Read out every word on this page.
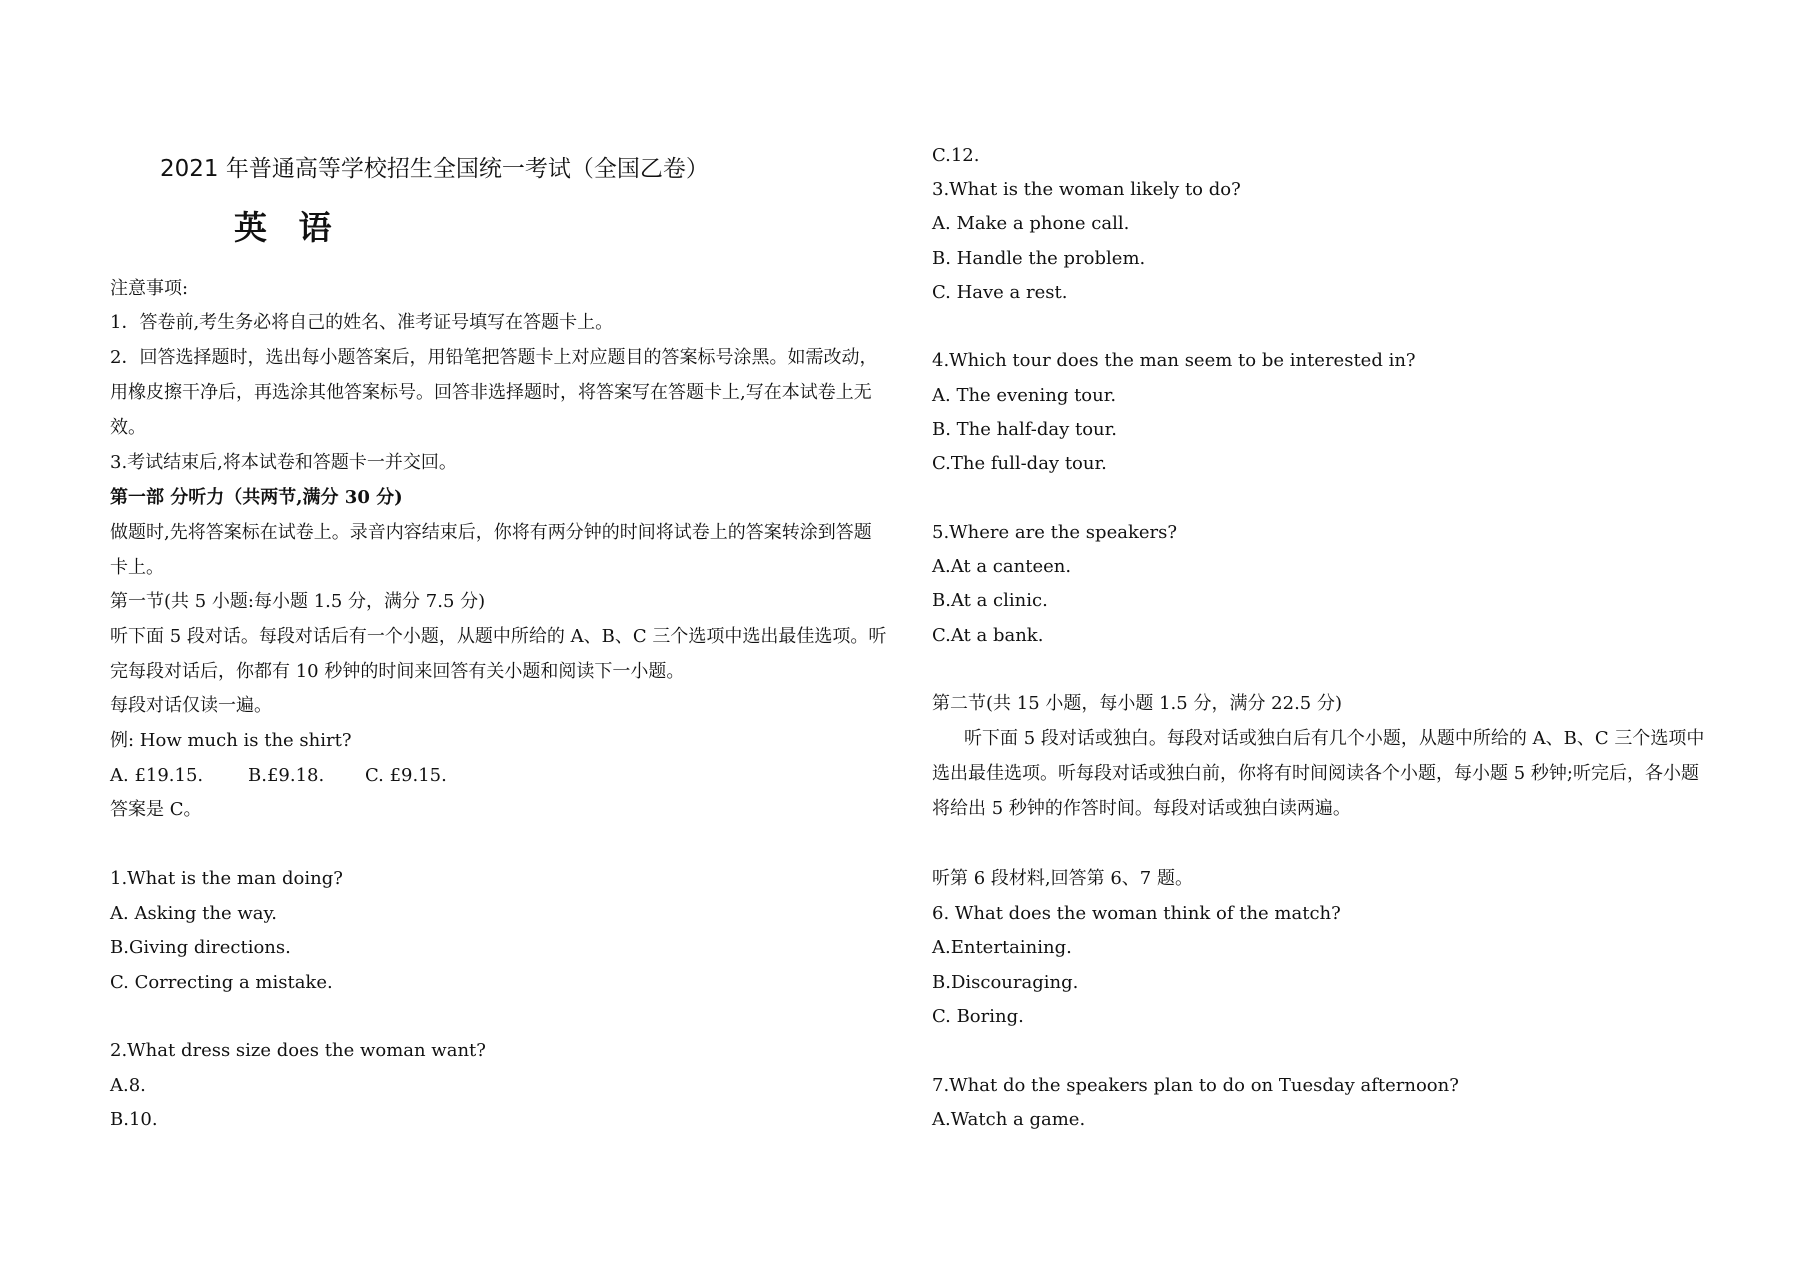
2021 年普通高等学校招生全国统一考试（全国乙卷）
英 语
注意事项:
1．答卷前,考生务必将自己的姓名、准考证号填写在答题卡上。
2．回答选择题时，选出每小题答案后，用铅笔把答题卡上对应题目的答案标号涂黑。如需改动，
用橡皮擦干净后，再选涂其他答案标号。回答非选择题时，将答案写在答题卡上,写在本试卷上无
效。
3.考试结束后,将本试卷和答题卡一并交回。
第一部 分听力（共两节,满分 30 分)
做题时,先将答案标在试卷上。录音内容结束后，你将有两分钟的时间将试卷上的答案转涂到答题
卡上。
第一节(共 5 小题:每小题 1.5 分，满分 7.5 分)
听下面 5 段对话。每段对话后有一个小题，从题中所给的 A、B、C 三个选项中选出最佳选项。听
完每段对话后，你都有 10 秒钟的时间来回答有关小题和阅读下一小题。
每段对话仅读一遍。
例: How much is the shirt?
A. £19.15. B.£9.18. C. £9.15.
答案是 C。
1.What is the man doing?
A. Asking the way.
B.Giving directions.
C. Correcting a mistake.
2.What dress size does the woman want?
A.8.
B.10.
C.12.
3.What is the woman likely to do?
A. Make a phone call.
B. Handle the problem.
C. Have a rest.
4.Which tour does the man seem to be interested in?
A. The evening tour.
B. The half-day tour.
C.The full-day tour.
5.Where are the speakers?
A.At a canteen.
B.At a clinic.
C.At a bank.
第二节(共 15 小题，每小题 1.5 分，满分 22.5 分)
听下面 5 段对话或独白。每段对话或独白后有几个小题，从题中所给的 A、B、C 三个选项中
选出最佳选项。听每段对话或独白前，你将有时间阅读各个小题，每小题 5 秒钟;听完后，各小题
将给出 5 秒钟的作答时间。每段对话或独白读两遍。
听第 6 段材料,回答第 6、7 题。
6. What does the woman think of the match?
A.Entertaining.
B.Discouraging.
C. Boring.
7.What do the speakers plan to do on Tuesday afternoon?
A.Watch a game.
